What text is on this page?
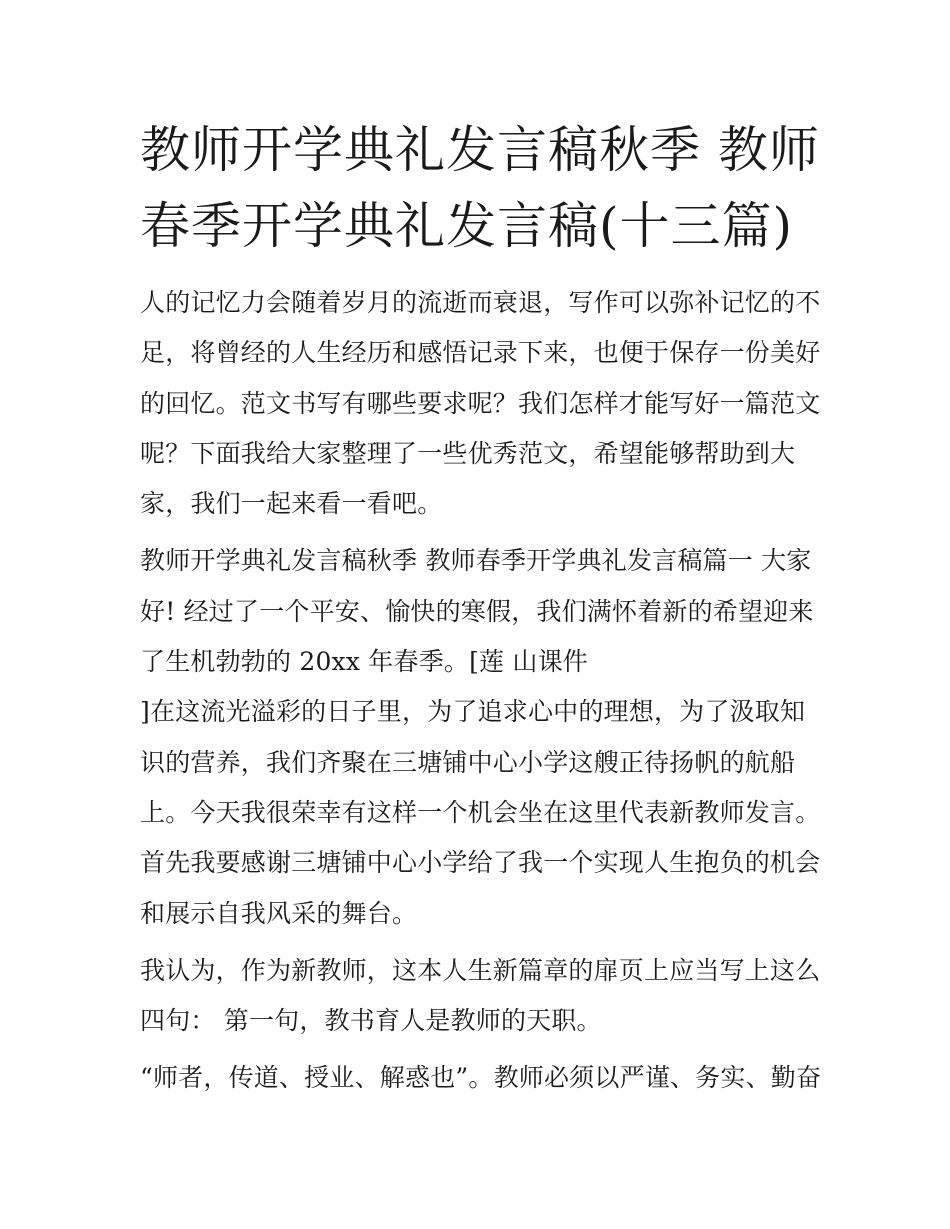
教师开学典礼发言稿秋季 教师
春季开学典礼发言稿(十三篇)

人的记忆力会随着岁月的流逝而衰退，写作可以弥补记忆的不
足，将曾经的人生经历和感悟记录下来，也便于保存一份美好
的回忆。范文书写有哪些要求呢？我们怎样才能写好一篇范文
呢？下面我给大家整理了一些优秀范文，希望能够帮助到大
家，我们一起来看一看吧。

教师开学典礼发言稿秋季 教师春季开学典礼发言稿篇一 大家
好! 经过了一个平安、愉快的寒假，我们满怀着新的希望迎来
了生机勃勃的 20xx 年春季。[莲 山课件
]在这流光溢彩的日子里，为了追求心中的理想，为了汲取知
识的营养，我们齐聚在三塘铺中心小学这艘正待扬帆的航船
上。今天我很荣幸有这样一个机会坐在这里代表新教师发言。
首先我要感谢三塘铺中心小学给了我一个实现人生抱负的机会
和展示自我风采的舞台。

我认为，作为新教师，这本人生新篇章的扉页上应当写上这么
四句： 第一句，教书育人是教师的天职。

“师者，传道、授业、解惑也”。教师必须以严谨、务实、勤奋
